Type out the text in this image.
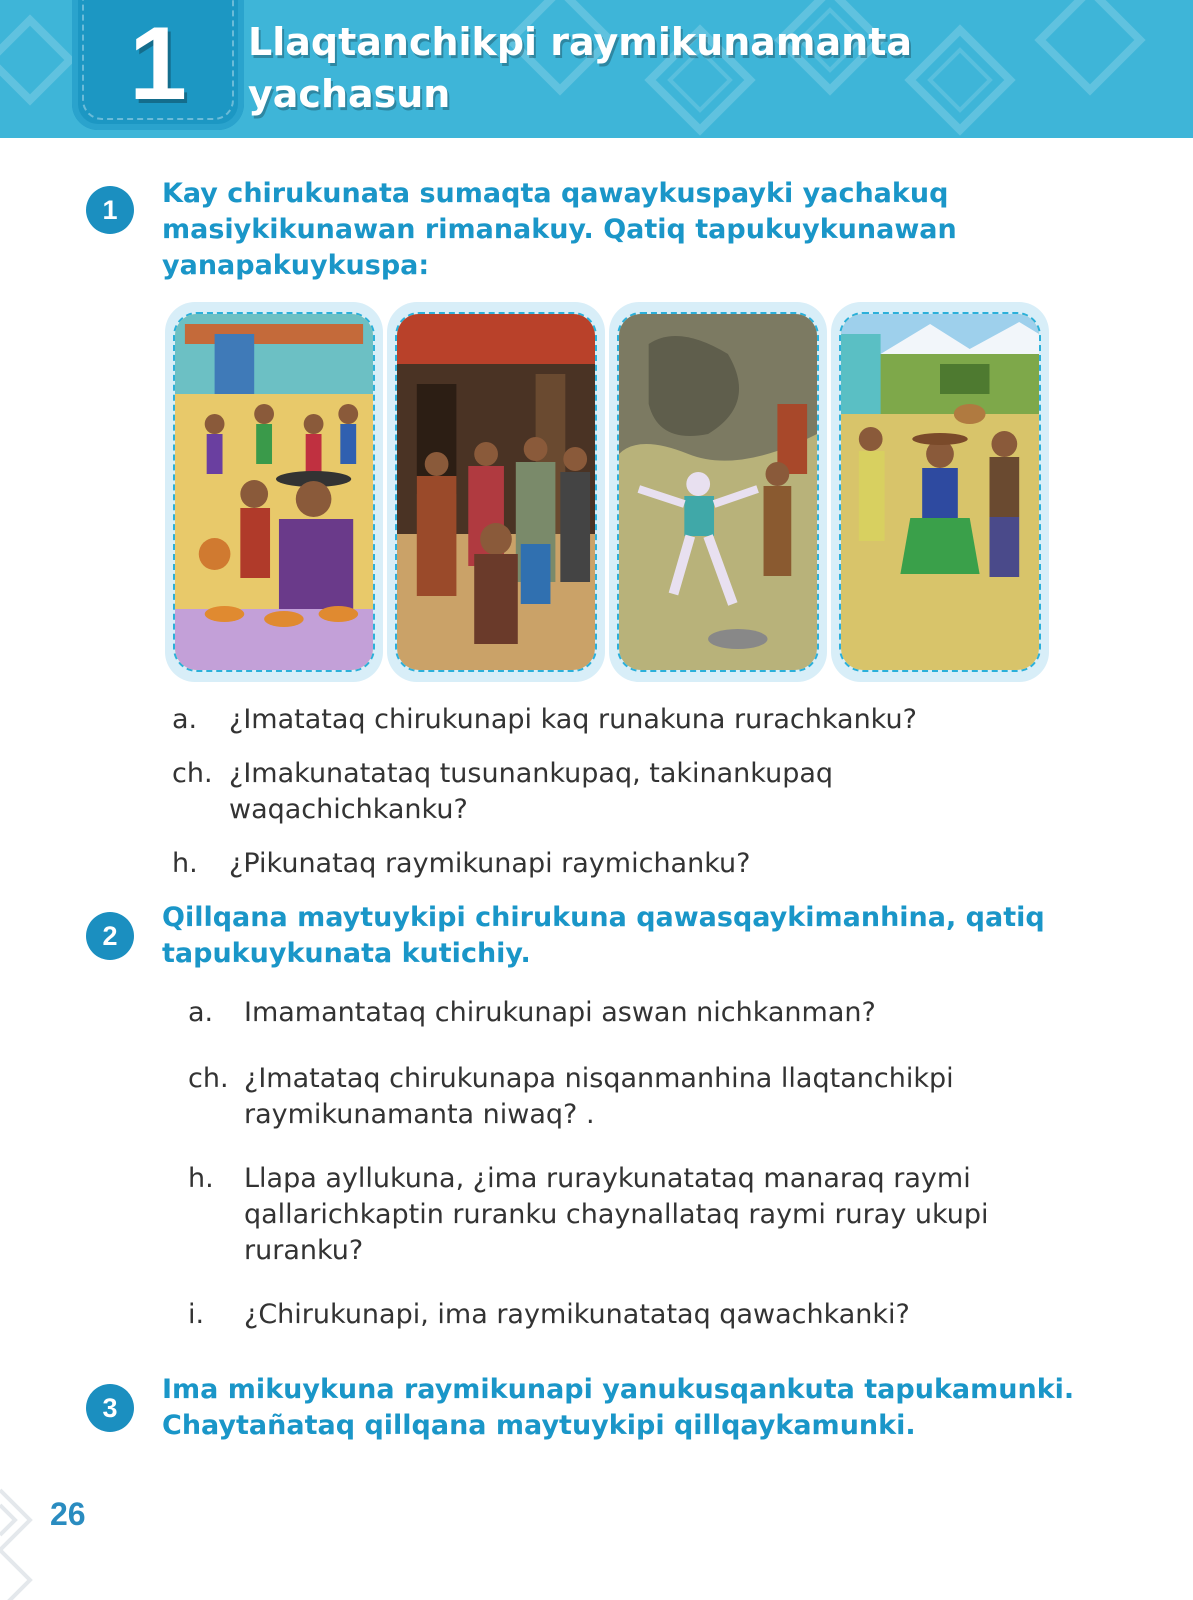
1	Llaqtanchikpi raymikunamanta
yachasun
1
Kay chirukunata sumaqta qawaykuspayki yachakuq
masiykikunawan rimanakuy. Qatiq tapukuykunawan
yanapakuykuspa:
a. ¿Imatataq chirukunapi kaq runakuna rurachkanku?
ch. ¿Imakunatataq tusunankupaq, takinankupaq
waqachichkanku?
h. ¿Pikunataq raymikunapi raymichanku?
2
Qillqana maytuykipi chirukuna qawasqaykimanhina, qatiq
tapukuykunata kutichiy.
a. Imamantataq chirukunapi aswan nichkanman?
ch. ¿Imatataq chirukunapa nisqanmanhina llaqtanchikpi
raymikunamanta niwaq? .
h. Llapa ayllukuna, ¿ima ruraykunatataq manaraq raymi
qallarichkaptin ruranku chaynallataq raymi ruray ukupi
ruranku?
i. ¿Chirukunapi, ima raymikunatataq qawachkanki?
3
Ima mikuykuna raymikunapi yanukusqankuta tapukamunki.
Chaytañataq qillqana maytuykipi qillqaykamunki.
26
